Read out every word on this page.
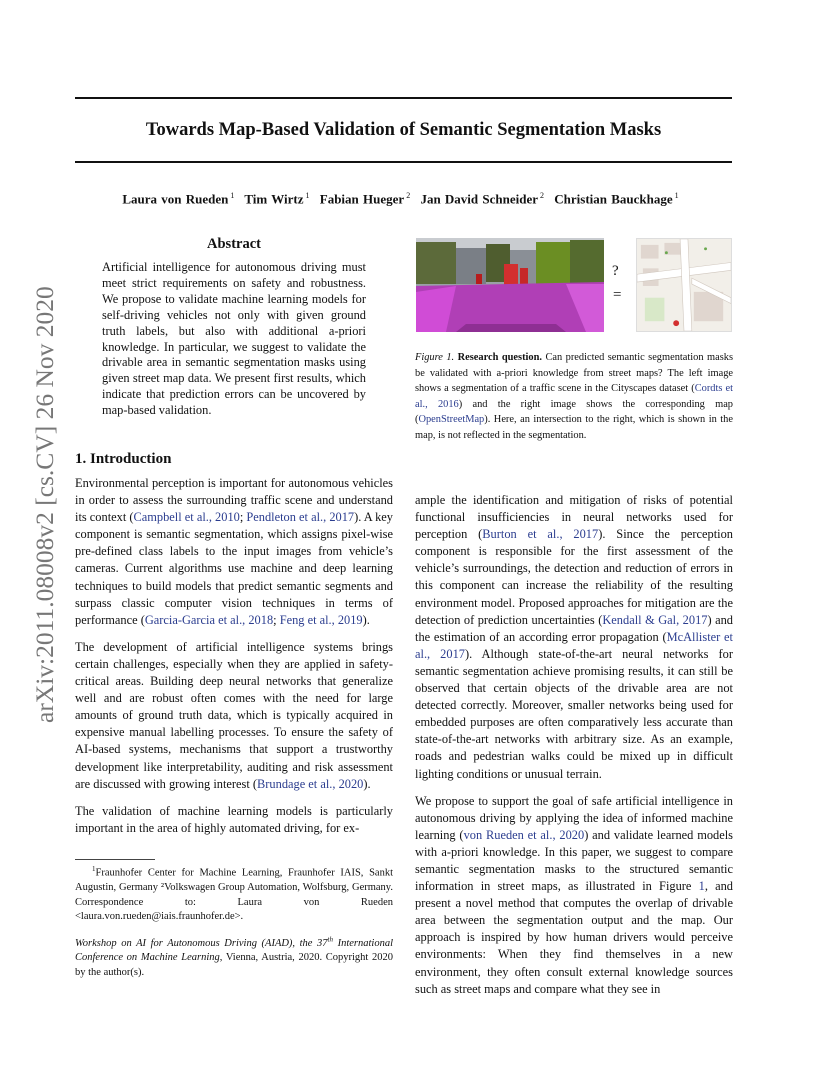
Towards Map-Based Validation of Semantic Segmentation Masks
Laura von Rueden $^1$ Tim Wirtz $^1$ Fabian Hueger $^2$ Jan David Schneider $^2$ Christian Bauckhage $^1$
arXiv:2011.08008v2 [cs.CV] 26 Nov 2020
Abstract
Artificial intelligence for autonomous driving must meet strict requirements on safety and robustness. We propose to validate machine learning models for self-driving vehicles not only with given ground truth labels, but also with additional a-priori knowledge. In particular, we suggest to validate the drivable area in semantic segmentation masks using given street map data. We present first results, which indicate that prediction errors can be uncovered by map-based validation.
?
=
Figure 1. Research question. Can predicted semantic segmentation masks be validated with a-priori knowledge from street maps? The left image shows a segmentation of a traffic scene in the Cityscapes dataset (Cordts et al., 2016) and the right image shows the corresponding map (OpenStreetMap). Here, an intersection to the right, which is shown in the map, is not reflected in the segmentation.
1. Introduction

Environmental perception is important for autonomous vehicles in order to assess the surrounding traffic scene and understand its context (Campbell et al., 2010; Pendleton et al., 2017). A key component is semantic segmentation, which assigns pixel-wise pre-defined class labels to the input images from vehicle’s cameras. Current algorithms use machine and deep learning techniques to build models that predict semantic segments and surpass classic computer vision techniques in terms of performance (Garcia-Garcia et al., 2018; Feng et al., 2019).

The development of artificial intelligence systems brings certain challenges, especially when they are applied in safety-critical areas. Building deep neural networks that generalize well and are robust often comes with the need for large amounts of ground truth data, which is typically acquired in expensive manual labelling processes. To ensure the safety of AI-based systems, mechanisms that support a trustworthy development like interpretability, auditing and risk assessment are discussed with growing interest (Brundage et al., 2020).

The validation of machine learning models is particularly important in the area of highly automated driving, for ex-

$^1$Fraunhofer Center for Machine Learning, Fraunhofer IAIS, Sankt Augustin, Germany ²Volkswagen Group Automation, Wolfsburg, Germany. Correspondence to: Laura von Rueden <laura.von.rueden@iais.fraunhofer.de>.
Workshop on AI for Autonomous Driving (AIAD), the 37th International Conference on Machine Learning, Vienna, Austria, 2020. Copyright 2020 by the author(s).

ample the identification and mitigation of risks of potential functional insufficiencies in neural networks used for perception (Burton et al., 2017). Since the perception component is responsible for the first assessment of the vehicle’s surroundings, the detection and reduction of errors in this component can increase the reliability of the resulting environment model. Proposed approaches for mitigation are the detection of prediction uncertainties (Kendall & Gal, 2017) and the estimation of an according error propagation (McAllister et al., 2017). Although state-of-the-art neural networks for semantic segmentation achieve promising results, it can still be observed that certain objects of the drivable area are not detected correctly. Moreover, smaller networks being used for embedded purposes are often comparatively less accurate than state-of-the-art networks with arbitrary size. As an example, roads and pedestrian walks could be mixed up in difficult lighting conditions or unusual terrain.

We propose to support the goal of safe artificial intelligence in autonomous driving by applying the idea of informed machine learning (von Rueden et al., 2020) and validate learned models with a-priori knowledge. In this paper, we suggest to compare semantic segmentation masks to the structured semantic information in street maps, as illustrated in Figure 1, and present a novel method that computes the overlap of drivable area between the segmentation output and the map. Our approach is inspired by how human drivers would perceive environments: When they find themselves in a new environment, they often consult external knowledge sources such as street maps and compare what they see in
